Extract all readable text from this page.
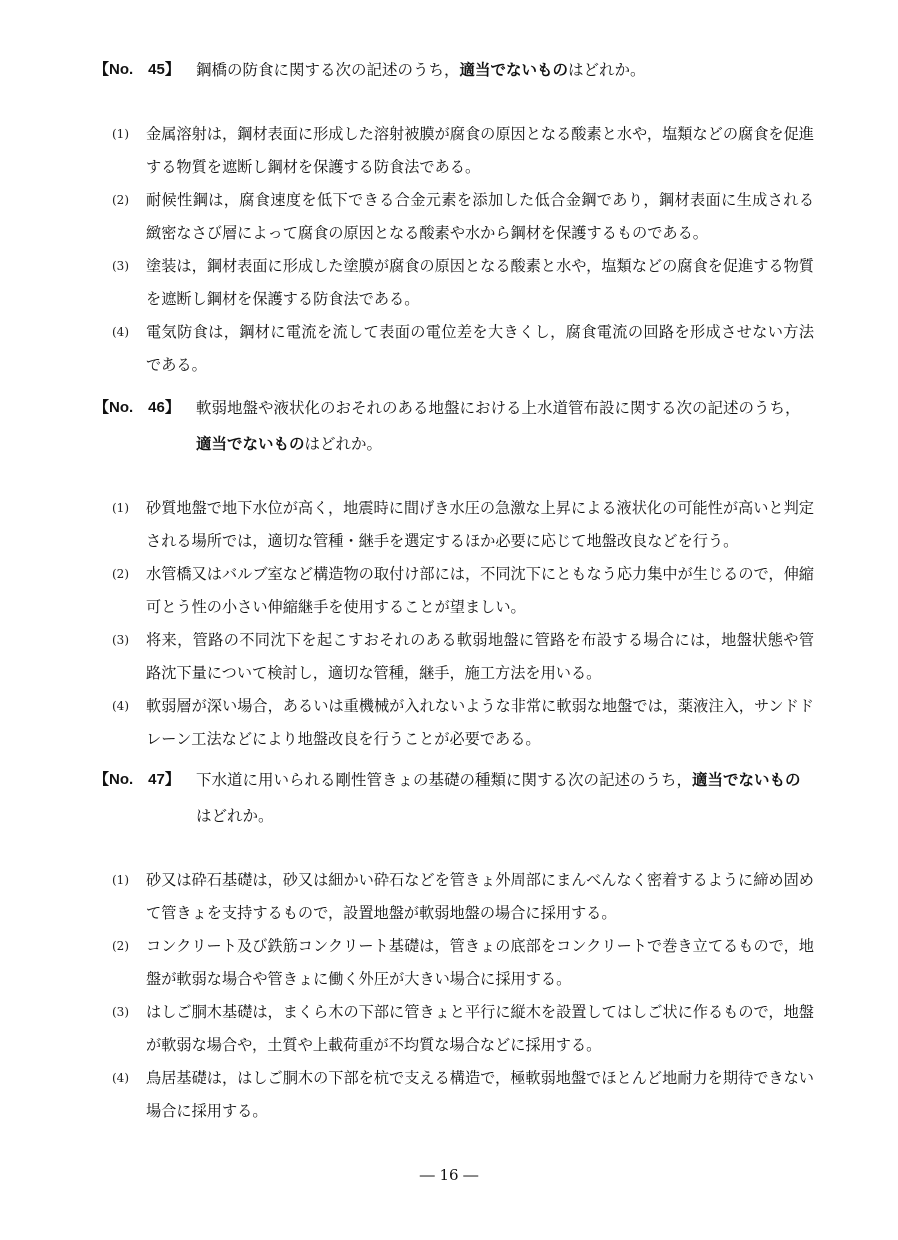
【No.　45】	鋼橋の防食に関する次の記述のうち，適当でないものはどれか。
(1)	金属溶射は，鋼材表面に形成した溶射被膜が腐食の原因となる酸素と水や，塩類などの腐食を促進する物質を遮断し鋼材を保護する防食法である。
(2)	耐候性鋼は，腐食速度を低下できる合金元素を添加した低合金鋼であり，鋼材表面に生成される緻密なさび層によって腐食の原因となる酸素や水から鋼材を保護するものである。
(3)	塗装は，鋼材表面に形成した塗膜が腐食の原因となる酸素と水や，塩類などの腐食を促進する物質を遮断し鋼材を保護する防食法である。
(4)	電気防食は，鋼材に電流を流して表面の電位差を大きくし，腐食電流の回路を形成させない方法である。
【No.　46】	軟弱地盤や液状化のおそれのある地盤における上水道管布設に関する次の記述のうち，適当でないものはどれか。
(1)	砂質地盤で地下水位が高く，地震時に間げき水圧の急激な上昇による液状化の可能性が高いと判定される場所では，適切な管種・継手を選定するほか必要に応じて地盤改良などを行う。
(2)	水管橋又はバルブ室など構造物の取付け部には，不同沈下にともなう応力集中が生じるので，伸縮可とう性の小さい伸縮継手を使用することが望ましい。
(3)	将来，管路の不同沈下を起こすおそれのある軟弱地盤に管路を布設する場合には，地盤状態や管路沈下量について検討し，適切な管種，継手，施工方法を用いる。
(4)	軟弱層が深い場合，あるいは重機械が入れないような非常に軟弱な地盤では，薬液注入，サンドドレーン工法などにより地盤改良を行うことが必要である。
【No.　47】	下水道に用いられる剛性管きょの基礎の種類に関する次の記述のうち，適当でないものはどれか。
(1)	砂又は砕石基礎は，砂又は細かい砕石などを管きょ外周部にまんべんなく密着するように締め固めて管きょを支持するもので，設置地盤が軟弱地盤の場合に採用する。
(2)	コンクリート及び鉄筋コンクリート基礎は，管きょの底部をコンクリートで巻き立てるもので，地盤が軟弱な場合や管きょに働く外圧が大きい場合に採用する。
(3)	はしご胴木基礎は，まくら木の下部に管きょと平行に縦木を設置してはしご状に作るもので，地盤が軟弱な場合や，土質や上載荷重が不均質な場合などに採用する。
(4)	鳥居基礎は，はしご胴木の下部を杭で支える構造で，極軟弱地盤でほとんど地耐力を期待できない場合に採用する。
― 16 ―
